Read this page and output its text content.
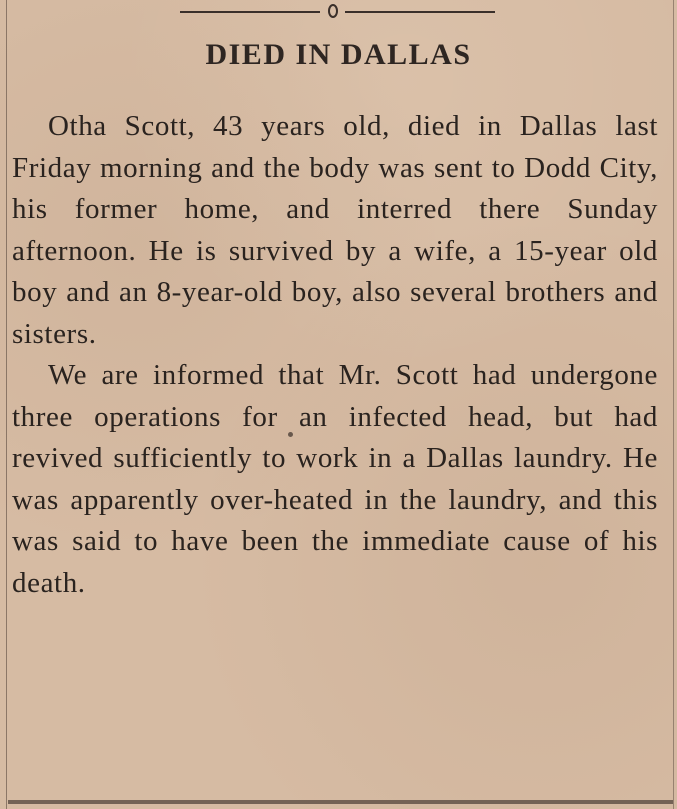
DIED IN DALLAS

Otha Scott, 43 years old, died in Dallas last Friday morning and the body was sent to Dodd City, his former home, and interred there Sunday afternoon. He is survived by a wife, a 15-year old boy and an 8-year-old boy, also several brothers and sisters.

We are informed that Mr. Scott had undergone three operations for an infected head, but had revived sufficiently to work in a Dallas laundry. He was apparently over-heated in the laundry, and this was said to have been the immediate cause of his death.
